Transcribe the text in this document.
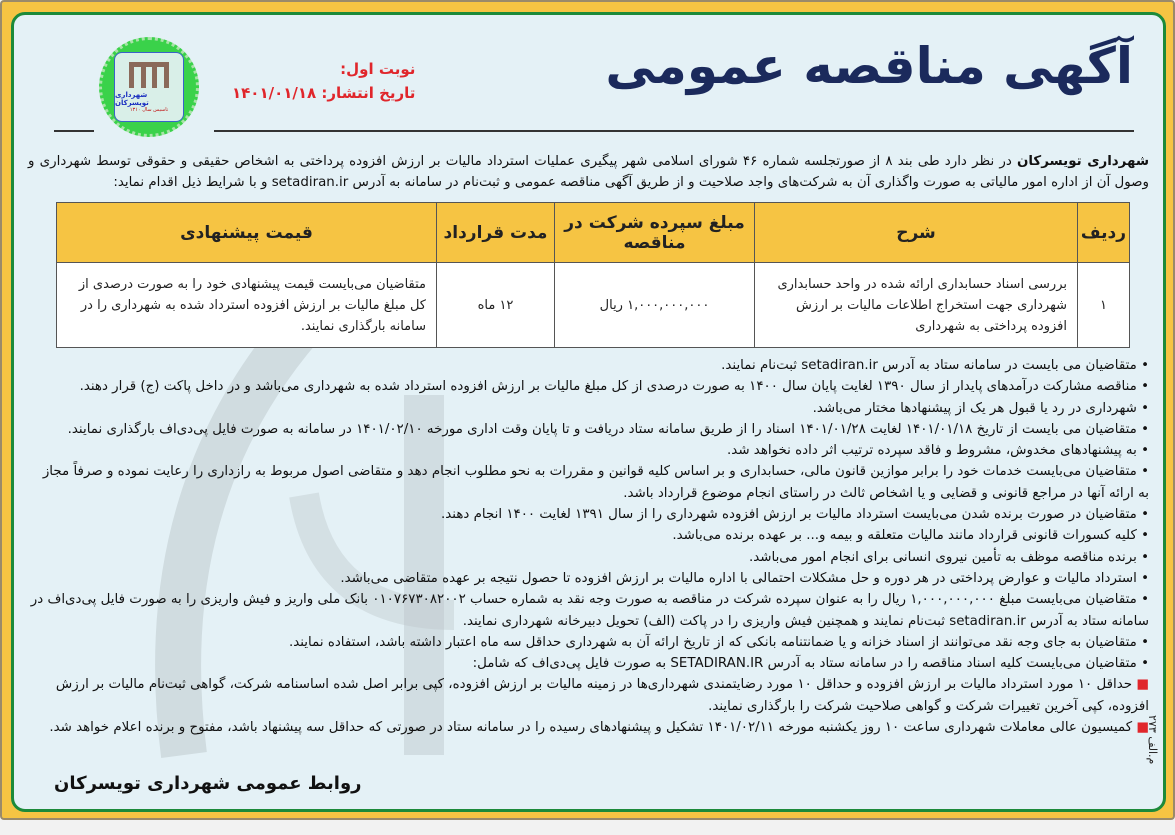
آگهی مناقصه عمومی
نوبت اول:
تاریخ انتشار: ۱۴۰۱/۰۱/۱۸
شهرداری تویسرکان
تاسیس سال ۱۳۱۰

شهرداری تویسرکان در نظر دارد طی بند ۸ از صورتجلسه شماره ۴۶ شورای اسلامی شهر پیگیری عملیات استرداد مالیات بر ارزش افزوده پرداختی به اشخاص حقیقی و حقوقی توسط شهرداری و وصول آن از اداره امور مالیاتی به صورت واگذاری آن به شرکت‌های واجد صلاحیت و از طریق آگهی مناقصه عمومی و ثبت‌نام در سامانه به آدرس setadiran.ir و با شرایط ذیل اقدام نماید:

ردیف	شرح	مبلغ سپرده شرکت در مناقصه	مدت قرارداد	قیمت پیشنهادی
۱	بررسی اسناد حسابداری ارائه شده در واحد حسابداری شهرداری جهت استخراج اطلاعات مالیات بر ارزش افزوده پرداختی به شهرداری	۱,۰۰۰,۰۰۰,۰۰۰ ریال	۱۲ ماه	متقاضیان می‌بایست قیمت پیشنهادی خود را به صورت درصدی از کل مبلغ مالیات بر ارزش افزوده استرداد شده به شهرداری را در سامانه بارگذاری نمایند.
• متقاضیان می بایست در سامانه ستاد به آدرس setadiran.ir ثبت‌نام نمایند.
• مناقصه مشارکت درآمدهای پایدار از سال ۱۳۹۰ لغایت پایان سال ۱۴۰۰ به صورت درصدی از کل مبلغ مالیات بر ارزش افزوده استرداد شده به شهرداری می‌باشد و در داخل پاکت (ج) قرار دهند.
• شهرداری در رد یا قبول هر یک از پیشنهادها مختار می‌باشد.
• متقاضیان می بایست از تاریخ ۱۴۰۱/۰۱/۱۸ لغایت ۱۴۰۱/۰۱/۲۸ اسناد را از طریق سامانه ستاد دریافت و تا پایان وقت اداری مورخه ۱۴۰۱/۰۲/۱۰ در سامانه به صورت فایل پی‌دی‌اف بارگذاری نمایند.
• به پیشنهادهای مخدوش، مشروط و فاقد سپرده ترتیب اثر داده نخواهد شد.
• متقاضیان می‌بایست خدمات خود را برابر موازین قانون مالی، حسابداری و بر اساس کلیه قوانین و مقررات به نحو مطلوب انجام دهد و متقاضی اصول مربوط به رازداری را رعایت نموده و صرفاً مجاز به ارائه آنها در مراجع قانونی و قضایی و یا اشخاص ثالث در راستای انجام موضوع قرارداد باشد.
• متقاضیان در صورت برنده شدن می‌بایست استرداد مالیات بر ارزش افزوده شهرداری را از سال ۱۳۹۱ لغایت ۱۴۰۰ انجام دهند.
• کلیه کسورات قانونی قرارداد مانند مالیات متعلقه و بیمه و... بر عهده برنده می‌باشد.
• برنده مناقصه موظف به تأمین نیروی انسانی برای انجام امور می‌باشد.
• استرداد مالیات و عوارض پرداختی در هر دوره و حل مشکلات احتمالی با اداره مالیات بر ارزش افزوده تا حصول نتیجه بر عهده متقاضی می‌باشد.
• متقاضیان می‌بایست مبلغ ۱,۰۰۰,۰۰۰,۰۰۰ ریال را به عنوان سپرده شرکت در مناقصه به صورت وجه نقد به شماره حساب ۰۱۰۷۶۷۳۰۸۲۰۰۲ بانک ملی واریز و فیش واریزی را به صورت فایل پی‌دی‌اف در سامانه ستاد به آدرس setadiran.ir ثبت‌نام نمایند و همچنین فیش واریزی را در پاکت (الف) تحویل دبیرخانه شهرداری نمایند.
• متقاضیان به جای وجه نقد می‌توانند از اسناد خزانه و یا ضمانتنامه بانکی که از تاریخ ارائه آن به شهرداری حداقل سه ماه اعتبار داشته باشد، استفاده نمایند.
• متقاضیان می‌بایست کلیه اسناد مناقصه را در سامانه ستاد به آدرس SETADIRAN.IR به صورت فایل پی‌دی‌اف که شامل:
■ حداقل ۱۰ مورد استرداد مالیات بر ارزش افزوده و حداقل ۱۰ مورد رضایتمندی شهرداری‌ها در زمینه مالیات بر ارزش افزوده، کپی برابر اصل شده اساسنامه شرکت، گواهی ثبت‌نام مالیات بر ارزش افزوده، کپی آخرین تغییرات شرکت و گواهی صلاحیت شرکت را بارگذاری نمایند.
■ کمیسیون عالی معاملات شهرداری ساعت ۱۰ روز یکشنبه مورخه ۱۴۰۱/۰۲/۱۱ تشکیل و پیشنهادهای رسیده را در سامانه ستاد در صورتی که حداقل سه پیشنهاد باشد، مفتوح و برنده اعلام خواهد شد.	م.الف ۲۷۳
روابط عمومی شهرداری تویسرکان
